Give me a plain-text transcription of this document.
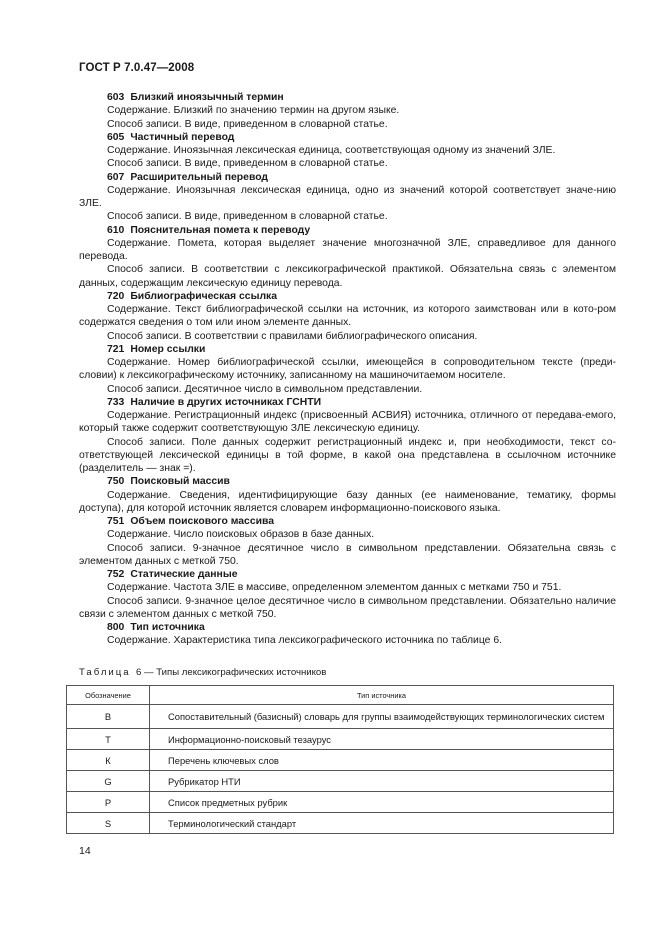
ГОСТ Р 7.0.47—2008
603 Близкий иноязычный термин
Содержание. Близкий по значению термин на другом языке.
Способ записи. В виде, приведенном в словарной статье.
605 Частичный перевод
Содержание. Иноязычная лексическая единица, соответствующая одному из значений ЗЛЕ.
Способ записи. В виде, приведенном в словарной статье.
607 Расширительный перевод
Содержание. Иноязычная лексическая единица, одно из значений которой соответствует значе-нию ЗЛЕ.
Способ записи. В виде, приведенном в словарной статье.
610 Пояснительная помета к переводу
Содержание. Помета, которая выделяет значение многозначной ЗЛЕ, справедливое для данного перевода.
Способ записи. В соответствии с лексикографической практикой. Обязательна связь с элементом данных, содержащим лексическую единицу перевода.
720 Библиографическая ссылка
Содержание. Текст библиографической ссылки на источник, из которого заимствован или в кото-ром содержатся сведения о том или ином элементе данных.
Способ записи. В соответствии с правилами библиографического описания.
721 Номер ссылки
Содержание. Номер библиографической ссылки, имеющейся в сопроводительном тексте (преди-словии) к лексикографическому источнику, записанному на машиночитаемом носителе.
Способ записи. Десятичное число в символьном представлении.
733 Наличие в других источниках ГСНТИ
Содержание. Регистрационный индекс (присвоенный АСВИЯ) источника, отличного от передава-емого, который также содержит соответствующую ЗЛЕ лексическую единицу.
Способ записи. Поле данных содержит регистрационный индекс и, при необходимости, текст со-ответствующей лексической единицы в той форме, в какой она представлена в ссылочном источнике (разделитель — знак =).
750 Поисковый массив
Содержание. Сведения, идентифицирующие базу данных (ее наименование, тематику, формы доступа), для которой источник является словарем информационно-поискового языка.
751 Объем поискового массива
Содержание. Число поисковых образов в базе данных.
Способ записи. 9-значное десятичное число в символьном представлении. Обязательна связь с элементом данных с меткой 750.
752 Статические данные
Содержание. Частота ЗЛЕ в массиве, определенном элементом данных с метками 750 и 751.
Способ записи. 9-значное целое десятичное число в символьном представлении. Обязательно наличие связи с элементом данных с меткой 750.
800 Тип источника
Содержание. Характеристика типа лексикографического источника по таблице 6.
Таблица 6 — Типы лексикографических источников
Обозначение	Тип источника
В	Сопоставительный (базисный) словарь для группы взаимодействующих терминологических систем
Т	Информационно-поисковый тезаурус
К	Перечень ключевых слов
G	Рубрикатор НТИ
Р	Список предметных рубрик
S	Терминологический стандарт
14
